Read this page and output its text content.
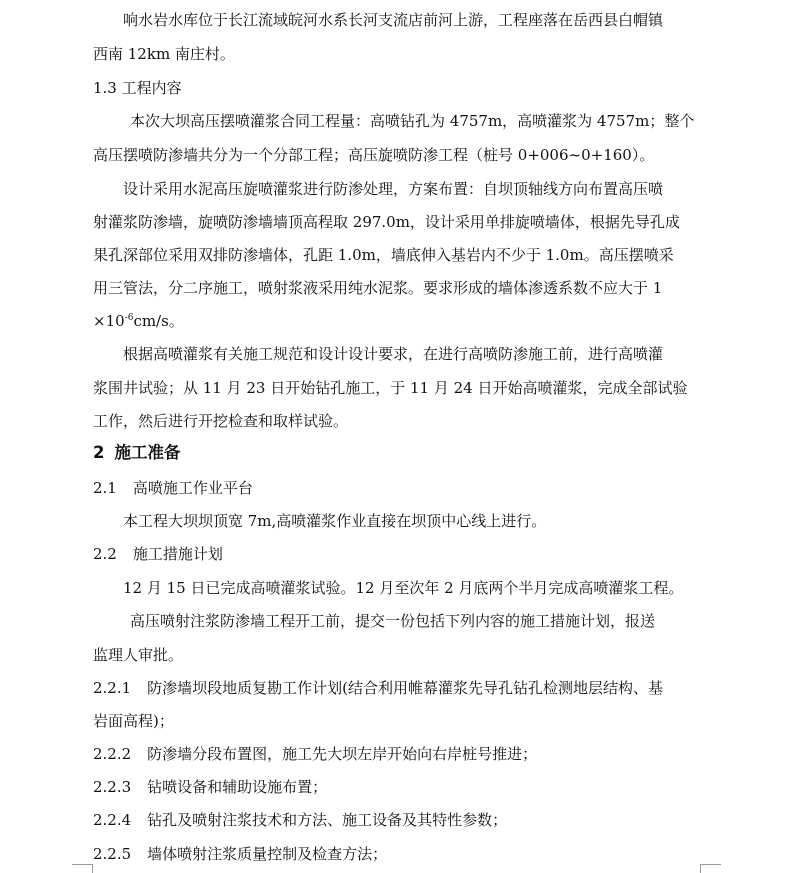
响水岩水库位于长江流域皖河水系长河支流店前河上游，工程座落在岳西县白帽镇
西南 12km 南庄村。
1.3 工程内容
本次大坝高压摆喷灌浆合同工程量：高喷钻孔为 4757m，高喷灌浆为 4757m；整个
高压摆喷防渗墙共分为一个分部工程；高压旋喷防渗工程（桩号 0+006~0+160）。
设计采用水泥高压旋喷灌浆进行防渗处理，方案布置：自坝顶轴线方向布置高压喷
射灌浆防渗墙，旋喷防渗墙墙顶高程取 297.0m，设计采用单排旋喷墙体，根据先导孔成
果孔深部位采用双排防渗墙体，孔距 1.0m，墙底伸入基岩内不少于 1.0m。高压摆喷采
用三管法，分二序施工，喷射浆液采用纯水泥浆。要求形成的墙体渗透系数不应大于 1
$\times 10^{-6}cm/s$。
根据高喷灌浆有关施工规范和设计设计要求，在进行高喷防渗施工前，进行高喷灌
浆围井试验；从 11 月 23 日开始钻孔施工，于 11 月 24 日开始高喷灌浆，完成全部试验
工作，然后进行开挖检查和取样试验。
2 施工准备
2.1 高喷施工作业平台
本工程大坝坝顶宽 7m,高喷灌浆作业直接在坝顶中心线上进行。
2.2 施工措施计划
12 月 15 日已完成高喷灌浆试验。12 月至次年 2 月底两个半月完成高喷灌浆工程。
高压喷射注浆防渗墙工程开工前，提交一份包括下列内容的施工措施计划，报送
监理人审批。
2.2.1 防渗墙坝段地质复勘工作计划(结合利用帷幕灌浆先导孔钻孔检测地层结构、基
岩面高程)；
2.2.2 防渗墙分段布置图，施工先大坝左岸开始向右岸桩号推进；
2.2.3 钻喷设备和辅助设施布置；
2.2.4 钻孔及喷射注浆技术和方法、施工设备及其特性参数；
2.2.5 墙体喷射注浆质量控制及检查方法；
